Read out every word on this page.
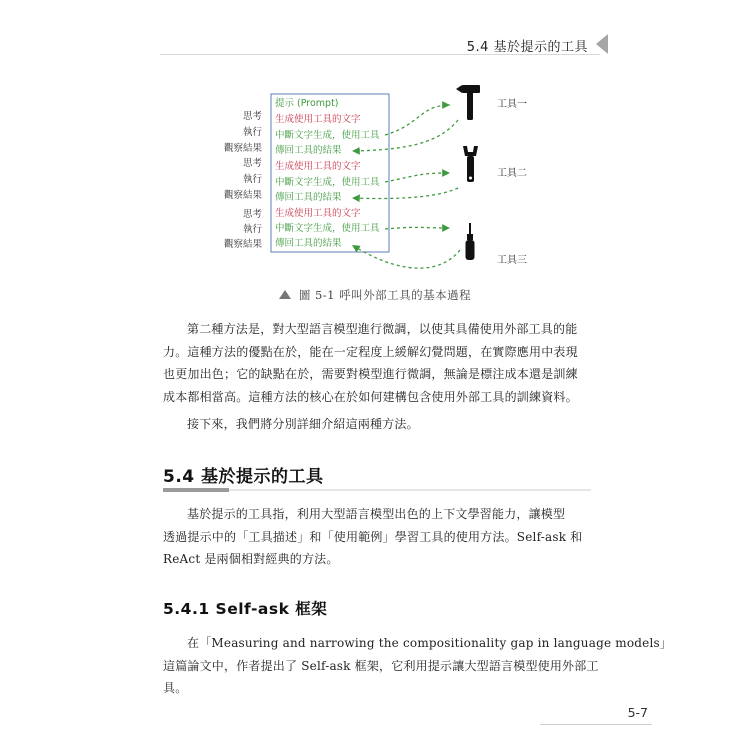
5.4 基於提示的工具
思考
執行
觀察結果
思考
執行
觀察結果
思考
執行
觀察結果
提示 (Prompt)
生成使用工具的文字
中斷文字生成，使用工具
傳回工具的結果
生成使用工具的文字
中斷文字生成，使用工具
傳回工具的結果
生成使用工具的文字
中斷文字生成，使用工具
傳回工具的結果
工具一
工具二
工具三
圖 5-1 呼叫外部工具的基本過程
第二種方法是，對大型語言模型進行微調，以使其具備使用外部工具的能
力。這種方法的優點在於，能在一定程度上緩解幻覺問題，在實際應用中表現
也更加出色；它的缺點在於，需要對模型進行微調，無論是標注成本還是訓練
成本都相當高。這種方法的核心在於如何建構包含使用外部工具的訓練資料。
接下來，我們將分別詳細介紹這兩種方法。
5.4 基於提示的工具
基於提示的工具指，利用大型語言模型出色的上下文學習能力，讓模型
透過提示中的「工具描述」和「使用範例」學習工具的使用方法。Self-ask 和
ReAct 是兩個相對經典的方法。
5.4.1 Self-ask 框架
在「Measuring and narrowing the compositionality gap in language models」
這篇論文中，作者提出了 Self-ask 框架，它利用提示讓大型語言模型使用外部工
具。
5-7
